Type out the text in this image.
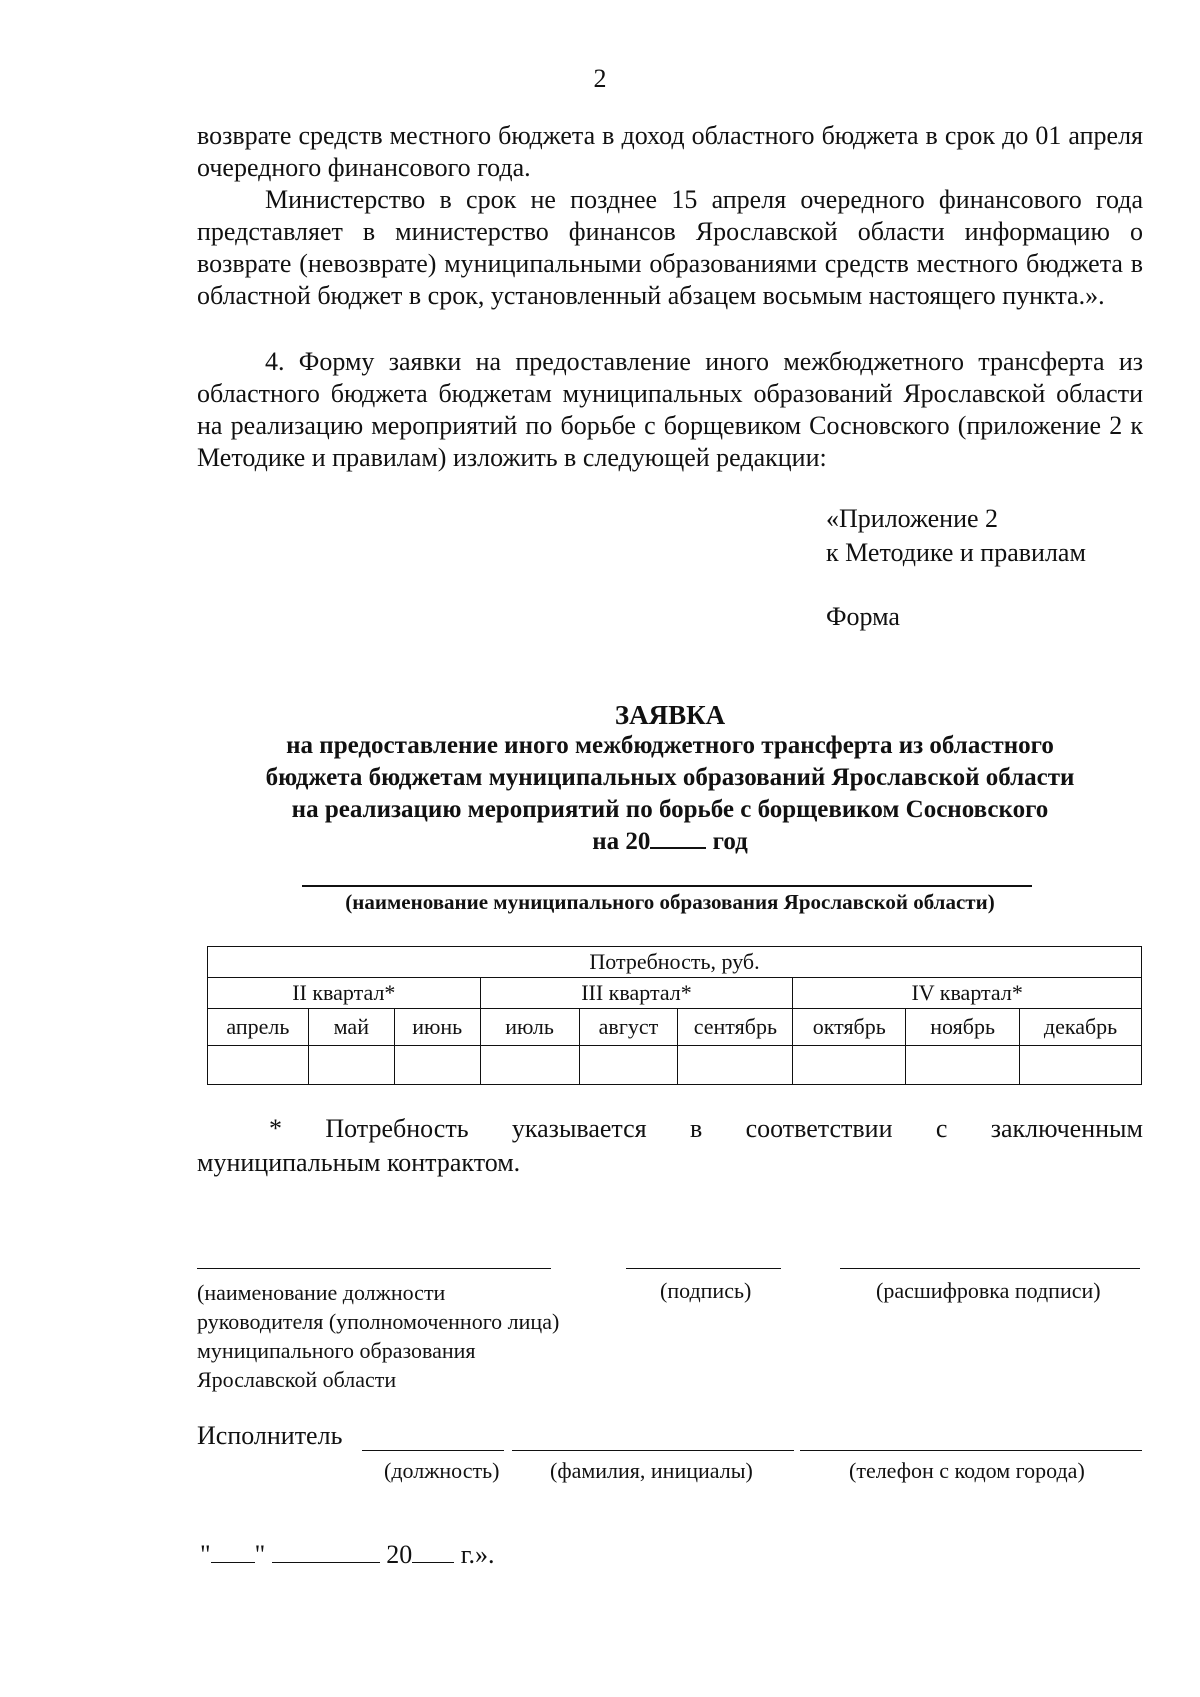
2
возврате средств местного бюджета в доход областного бюджета в срок до 01 апреля очередного финансового года.
Министерство в срок не позднее 15 апреля очередного финансового года представляет в министерство финансов Ярославской области информацию о возврате (невозврате) муниципальными образованиями средств местного бюджета в областной бюджет в срок, установленный абзацем восьмым настоящего пункта.».
4. Форму заявки на предоставление иного межбюджетного трансферта из областного бюджета бюджетам муниципальных образований Ярославской области на реализацию мероприятий по борьбе с борщевиком Сосновского (приложение 2 к Методике и правилам) изложить в следующей редакции:
«Приложение 2
к Методике и правилам
Форма
ЗАЯВКА
на предоставление иного межбюджетного трансферта из областного
бюджета бюджетам муниципальных образований Ярославской области
на реализацию мероприятий по борьбе с борщевиком Сосновского
на 20 год
(наименование муниципального образования Ярославской области)
Потребность, руб.								
II квартал*			III квартал*			IV квартал*		
апрель	май	июнь	июль	август	сентябрь	октябрь	ноябрь	декабрь

* Потребность указывается в соответствии с заключенным
муниципальным контрактом.
(наименование должности руководителя (уполномоченного лица) муниципального образования Ярославской области
(подпись)	(расшифровка подписи)
Исполнитель
(должность) (фамилия, инициалы)	(телефон с кодом города)
" "	20 г.».
